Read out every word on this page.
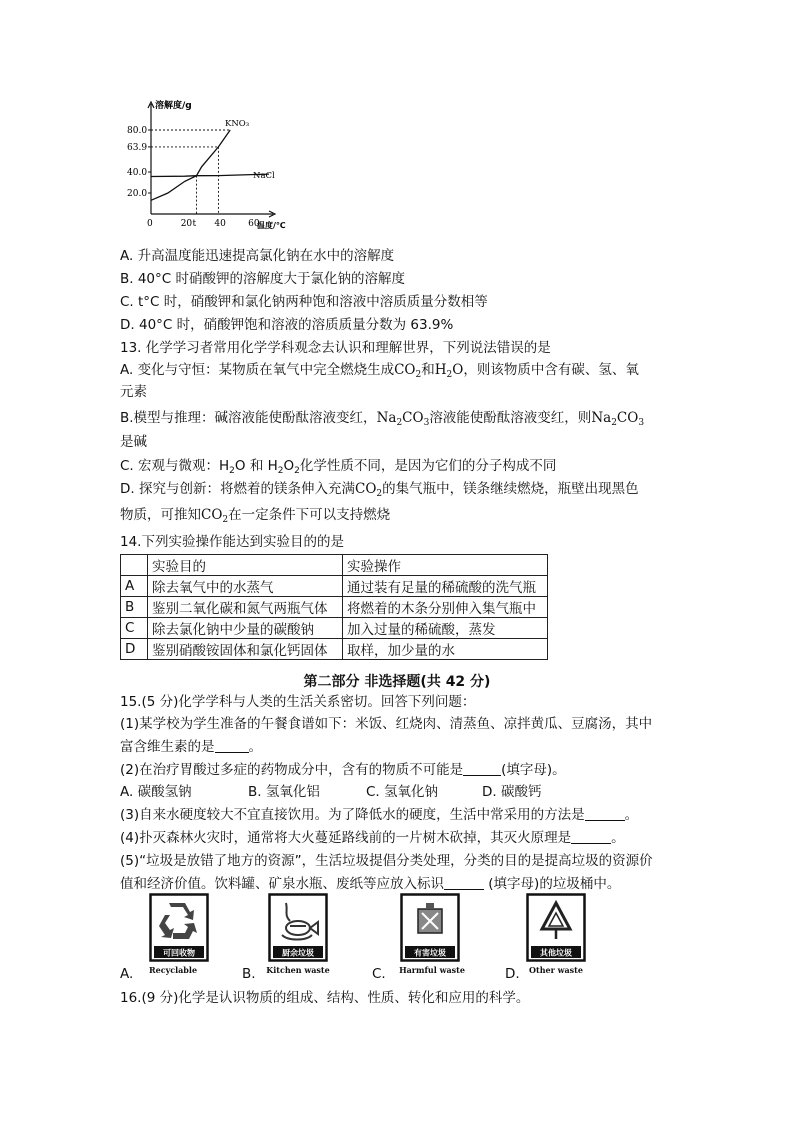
溶解度/g
温度/℃
80.0
63.9
40.0
20.0
0	20 t 40 60
KNO₃
NaCl
A. 升高温度能迅速提高氯化钠在水中的溶解度
B. 40°C 时硝酸钾的溶解度大于氯化钠的溶解度
C. t°C 时，硝酸钾和氯化钠两种饱和溶液中溶质质量分数相等
D. 40°C 时，硝酸钾饱和溶液的溶质质量分数为 63.9%
13. 化学学习者常用化学学科观念去认识和理解世界，下列说法错误的是
A. 变化与守恒：某物质在氧气中完全燃烧生成$CO_2$和$H_2O$，则该物质中含有碳、氢、氧
元素
B.模型与推理：碱溶液能使酚酞溶液变红，$Na_2CO_3$溶液能使酚酞溶液变红，则$Na_2CO_3$
是碱
C. 宏观与微观：$H_2O$ 和 $H_2O_2$化学性质不同，是因为它们的分子构成不同
D. 探究与创新：将燃着的镁条伸入充满$CO_2$的集气瓶中，镁条继续燃烧，瓶壁出现黑色
物质，可推知$CO_2$在一定条件下可以支持燃烧
14.下列实验操作能达到实验目的的是
	实验目的	实验操作
A	除去氧气中的水蒸气	通过装有足量的稀硫酸的洗气瓶
B	鉴别二氧化碳和氮气两瓶气体	将燃着的木条分别伸入集气瓶中
C	除去氯化钠中少量的碳酸钠	加入过量的稀硫酸，蒸发
D	鉴别硝酸铵固体和氯化钙固体	取样，加少量的水
第二部分 非选择题(共 42 分)
15.(5 分)化学学科与人类的生活关系密切。回答下列问题：
(1)某学校为学生准备的午餐食谱如下：米饭、红烧肉、清蒸鱼、凉拌黄瓜、豆腐汤，其中
富含维生素的是	。
(2)在治疗胃酸过多症的药物成分中，含有的物质不可能是	(填字母)。
A. 碳酸氢钠	B. 氢氧化铝	C. 氢氧化钠	D. 碳酸钙
(3)自来水硬度较大不宜直接饮用。为了降低水的硬度，生活中常采用的方法是	。
(4)扑灭森林火灾时，通常将大火蔓延路线前的一片树木砍掉，其灭火原理是	。
(5)“垃圾是放错了地方的资源”，生活垃圾提倡分类处理，分类的目的是提高垃圾的资源价
值和经济价值。饮料罐、矿泉水瓶、废纸等应放入标识	(填字母)的垃圾桶中。
A.
可回收物
Recyclable	B.
厨余垃圾
Kitchen waste	C.
有害垃圾
Harmful waste	D.
其他垃圾
Other waste
16.(9 分)化学是认识物质的组成、结构、性质、转化和应用的科学。
